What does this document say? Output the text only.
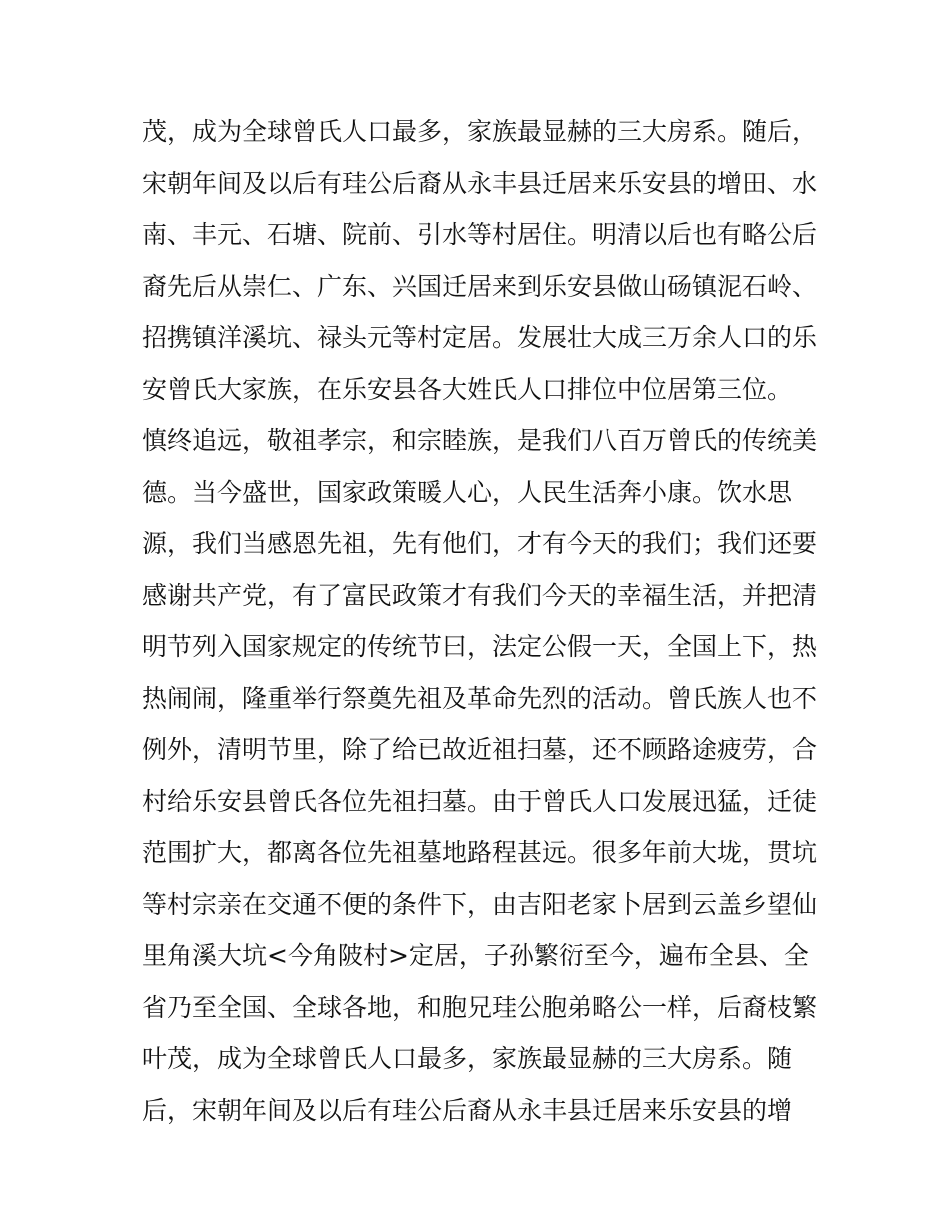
茂，成为全球曾氏人口最多，家族最显赫的三大房系。随后，
宋朝年间及以后有珪公后裔从永丰县迁居来乐安县的增田、水
南、丰元、石塘、院前、引水等村居住。明清以后也有略公后
裔先后从崇仁、广东、兴国迁居来到乐安县做山砀镇泥石岭、
招携镇洋溪坑、禄头元等村定居。发展壮大成三万余人口的乐
安曾氏大家族，在乐安县各大姓氏人口排位中位居第三位。
慎终追远，敬祖孝宗，和宗睦族，是我们八百万曾氏的传统美
德。当今盛世，国家政策暖人心，人民生活奔小康。饮水思
源，我们当感恩先祖，先有他们，才有今天的我们；我们还要
感谢共产党，有了富民政策才有我们今天的幸福生活，并把清
明节列入国家规定的传统节曰，法定公假一天，全国上下，热
热闹闹，隆重举行祭奠先祖及革命先烈的活动。曾氏族人也不
例外，清明节里，除了给已故近祖扫墓，还不顾路途疲劳，合
村给乐安县曾氏各位先祖扫墓。由于曾氏人口发展迅猛，迁徒
范围扩大，都离各位先祖墓地路程甚远。很多年前大垅，贯坑
等村宗亲在交通不便的条件下，由吉阳老家卜居到云盖乡望仙
里角溪大坑<今角陂村>定居，子孙繁衍至今，遍布全县、全
省乃至全国、全球各地，和胞兄珪公胞弟略公一样，后裔枝繁
叶茂，成为全球曾氏人口最多，家族最显赫的三大房系。随
后，宋朝年间及以后有珪公后裔从永丰县迁居来乐安县的增
